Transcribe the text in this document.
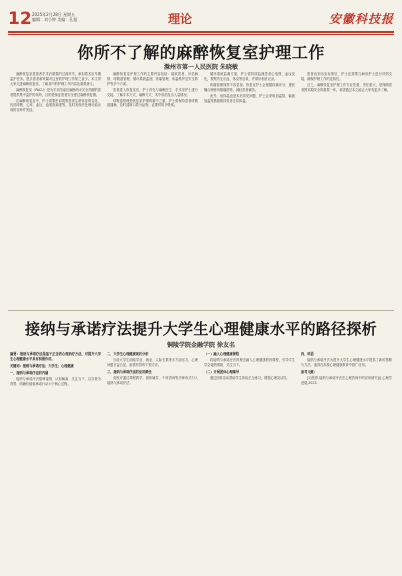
12 2025年2月28日 星期五
编辑：刘小钟 美编：孔超	理论	安徽科技报
你所不了解的麻醉恢复室护理工作
滁州市第一人民医院 朱晓敏

麻醉恢复室是患者手术后重要的过渡环节，承担着术后早期监护任务。很多患者和家属对这里的护理工作知之甚少。本文带大家走进麻醉恢复室，了解其中的护理工作内容及重要意义。

麻醉恢复室（PACU）是为手术结束后麻醉尚未完全苏醒的患者提供集中监护的场所，目的是保证患者安全度过麻醉恢复期。

在麻醉恢复室中，护士需要密切观察患者生命体征的变化，包括呼吸、心率、血压、血氧饱和度等，及时发现并处理可能出现的各种并发症。

麻醉恢复室护理工作的主要内容包括：接收患者、评估病情、呼吸道管理、循环系统监测、疼痛管理、体温维护及安全防护等多个方面。

患者进入恢复室后，护士首先与麻醉医生、手术室护士进行交接，了解手术方式、麻醉方式、术中用药及出入量情况。

呼吸道管理是恢复室护理的重中之重，护士需保持患者呼吸道通畅，及时清除口鼻分泌物，必要时给予吸氧。

循环系统监测方面，护士需持续监测患者心电图、血压变化，观察有无出血、休克等征象，并做好相应记录。

疼痛管理同样不容忽视。恢复室护士会根据疼痛评分，遵医嘱合理使用镇痛药物，减轻患者痛苦。

此外，低体温也是术后常见问题，护士会采取加温毯、输液加温等措施维持患者正常体温。

患者达到出室标准后，护士还需要与病房护士进行详细交接，确保护理工作的连续性。

总之，麻醉恢复室护理工作专业性强、责任重大，是保障患者围术期安全的重要一环，希望通过本文能让大家有更多了解。

接纳与承诺疗法提升大学生心理健康水平的路径探析
铜陵学院金融学院 徐友名

摘要：接纳与承诺疗法是基于正念的心理治疗方法，对提升大学生心理健康水平具有积极作用。

关键词：接纳与承诺疗法；大学生；心理健康

一、接纳与承诺疗法的内涵

接纳与承诺疗法强调接纳、认知解离、关注当下、以自我为背景、明确价值和承诺行动六个核心过程。

二、大学生心理健康现状分析

当前大学生面临学业、就业、人际关系等多方面压力，心理问题日益凸显，亟需有效的干预方法。

三、接纳与承诺疗法的应用路径

高校可通过课程教学、团体辅导、个体咨询等多种形式引入接纳与承诺疗法。

（一）融入心理健康课程

将接纳与承诺疗法的理念融入心理健康教育课程，引导学生学会接纳情绪、关注当下。

（二）开展团体心理辅导

通过团体活动帮助学生体验正念练习，增强心理灵活性。

四、结语

接纳与承诺疗法为提升大学生心理健康水平提供了新的思路与方法，值得在高校心理健康教育中推广应用。

参考文献：

[1]张婷.接纳与承诺疗法在心理咨询中的应用研究[J].心理学进展,2023.
